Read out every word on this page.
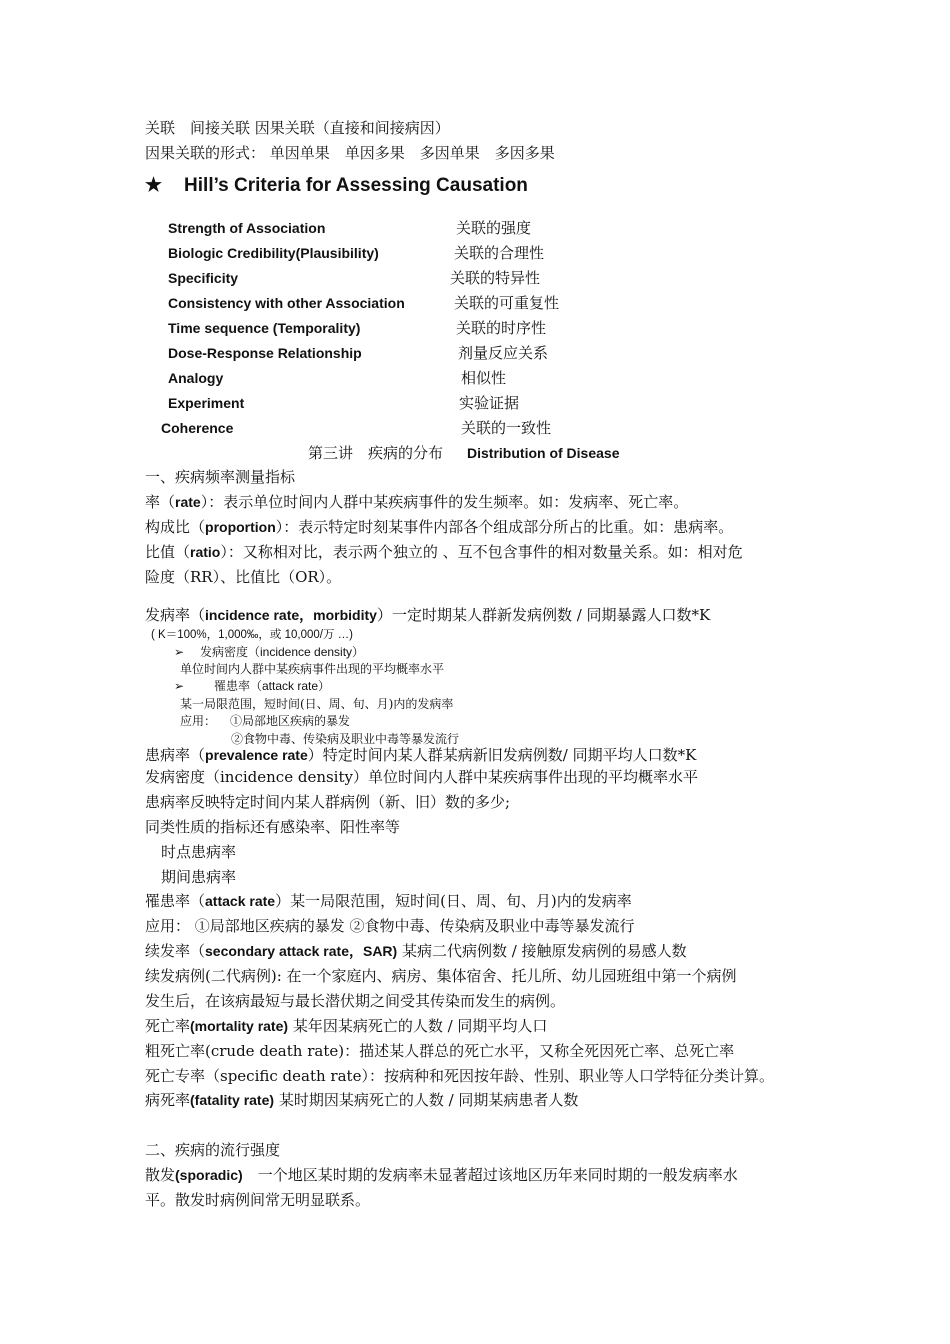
关联　间接关联 因果关联（直接和间接病因）
因果关联的形式： 单因单果　单因多果　多因单果　多因多果
★ Hill’s Criteria for Assessing Causation
Strength of Association	关联的强度
Biologic Credibility(Plausibility)	关联的合理性
Specificity	关联的特异性
Consistency with other Association	关联的可重复性
Time sequence (Temporality)	关联的时序性
Dose-Response Relationship	剂量反应关系
Analogy	相似性
Experiment	实验证据
Coherence	关联的一致性
第三讲　疾病的分布 Distribution of Disease
一、疾病频率测量指标
率（rate）：表示单位时间内人群中某疾病事件的发生频率。如：发病率、死亡率。
构成比（proportion）：表示特定时刻某事件内部各个组成部分所占的比重。如：患病率。
比值（ratio）：又称相对比，表示两个独立的 、互不包含事件的相对数量关系。如：相对危
险度（RR）、比值比（OR）。
发病率（incidence rate，morbidity）一定时期某人群新发病例数 / 同期暴露人口数*K
( K＝100%，1,000‰，或 10,000/万 …)
➢ 发病密度（incidence density）
单位时间内人群中某疾病事件出现的平均概率水平
➢ 罹患率（attack rate）
某一局限范围，短时间(日、周、旬、月)内的发病率
应用： ①局部地区疾病的暴发
②食物中毒、传染病及职业中毒等暴发流行
患病率（prevalence rate）特定时间内某人群某病新旧发病例数/ 同期平均人口数*K
发病密度（incidence density）单位时间内人群中某疾病事件出现的平均概率水平
患病率反映特定时间内某人群病例（新、旧）数的多少;
同类性质的指标还有感染率、阳性率等
时点患病率
期间患病率
罹患率（attack rate）某一局限范围，短时间(日、周、旬、月)内的发病率
应用： ①局部地区疾病的暴发 ②食物中毒、传染病及职业中毒等暴发流行
续发率（secondary attack rate，SAR) 某病二代病例数 / 接触原发病例的易感人数
续发病例(二代病例): 在一个家庭内、病房、集体宿舍、托儿所、幼儿园班组中第一个病例
发生后，在该病最短与最长潜伏期之间受其传染而发生的病例。
死亡率(mortality rate) 某年因某病死亡的人数 / 同期平均人口
粗死亡率(crude death rate)：描述某人群总的死亡水平，又称全死因死亡率、总死亡率
死亡专率（specific death rate）：按病种和死因按年龄、性别、职业等人口学特征分类计算。
病死率(fatality rate) 某时期因某病死亡的人数 / 同期某病患者人数
二、疾病的流行强度
散发(sporadic)　一个地区某时期的发病率未显著超过该地区历年来同时期的一般发病率水
平。散发时病例间常无明显联系。
